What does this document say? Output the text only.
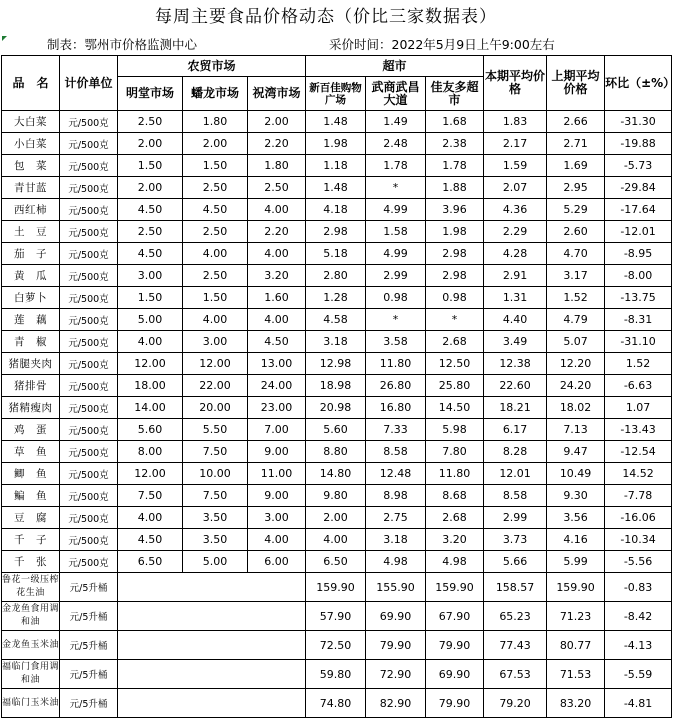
每周主要食品价格动态（价比三家数据表）
制表：鄂州市价格监测中心	采价时间：2022年5月9日上午9:00左右
品　名	计价单位	农贸市场			超市			本期平均价格	上期平均价格	环比（±%）
		明堂市场	蟠龙市场	祝湾市场	新百佳购物广场	武商武昌大道	佳友多超市			
大白菜	元/500克	2.50	1.80	2.00	1.48	1.49	1.68	1.83	2.66	-31.30
小白菜	元/500克	2.00	2.00	2.20	1.98	2.48	2.38	2.17	2.71	-19.88
包　菜	元/500克	1.50	1.50	1.80	1.18	1.78	1.78	1.59	1.69	-5.73
青甘蓝	元/500克	2.00	2.50	2.50	1.48	*	1.88	2.07	2.95	-29.84
西红柿	元/500克	4.50	4.50	4.00	4.18	4.99	3.96	4.36	5.29	-17.64
土　豆	元/500克	2.50	2.50	2.20	2.98	1.58	1.98	2.29	2.60	-12.01
茄　子	元/500克	4.50	4.00	4.00	5.18	4.99	2.98	4.28	4.70	-8.95
黄　瓜	元/500克	3.00	2.50	3.20	2.80	2.99	2.98	2.91	3.17	-8.00
白萝卜	元/500克	1.50	1.50	1.60	1.28	0.98	0.98	1.31	1.52	-13.75
莲　藕	元/500克	5.00	4.00	4.00	4.58	*	*	4.40	4.79	-8.31
青　椒	元/500克	4.00	3.00	4.50	3.18	3.58	2.68	3.49	5.07	-31.10
猪腿夹肉	元/500克	12.00	12.00	13.00	12.98	11.80	12.50	12.38	12.20	1.52
猪排骨	元/500克	18.00	22.00	24.00	18.98	26.80	25.80	22.60	24.20	-6.63
猪精瘦肉	元/500克	14.00	20.00	23.00	20.98	16.80	14.50	18.21	18.02	1.07
鸡　蛋	元/500克	5.60	5.50	7.00	5.60	7.33	5.98	6.17	7.13	-13.43
草　鱼	元/500克	8.00	7.50	9.00	8.80	8.58	7.80	8.28	9.47	-12.54
鲫　鱼	元/500克	12.00	10.00	11.00	14.80	12.48	11.80	12.01	10.49	14.52
鳊　鱼	元/500克	7.50	7.50	9.00	9.80	8.98	8.68	8.58	9.30	-7.78
豆　腐	元/500克	4.00	3.50	3.00	2.00	2.75	2.68	2.99	3.56	-16.06
千　子	元/500克	4.50	3.50	4.00	4.00	3.18	3.20	3.73	4.16	-10.34
千　张	元/500克	6.50	5.00	6.00	6.50	4.98	4.98	5.66	5.99	-5.56
鲁花一级压榨花生油	元/5升桶				159.90	155.90	159.90	158.57	159.90	-0.83
金龙鱼食用调和油	元/5升桶				57.90	69.90	67.90	65.23	71.23	-8.42
金龙鱼玉米油	元/5升桶				72.50	79.90	79.90	77.43	80.77	-4.13
福临门食用调和油	元/5升桶				59.80	72.90	69.90	67.53	71.53	-5.59
福临门玉米油	元/5升桶				74.80	82.90	79.90	79.20	83.20	-4.81
